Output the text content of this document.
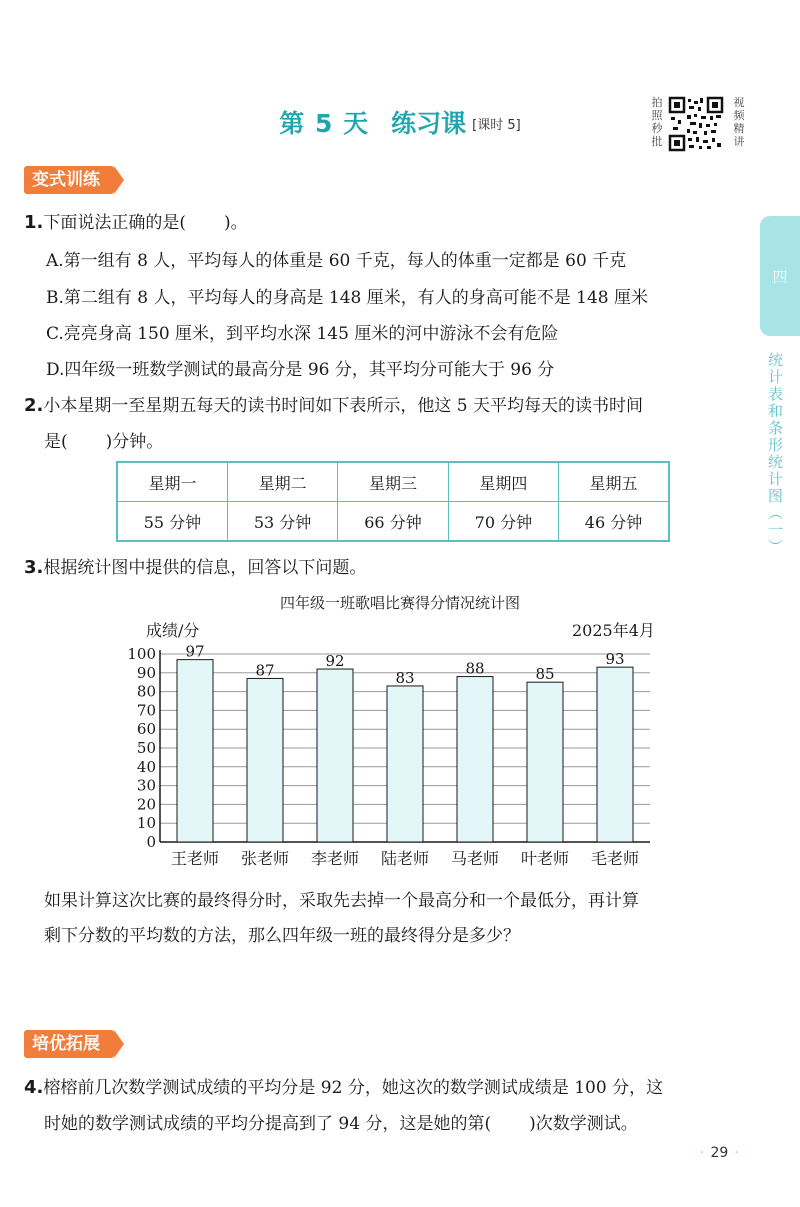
第 5 天 练习课 [课时 5]
拍
照
秒
批
视
频
精
讲
四
统计表和条形统计图（一）
变式训练
1.下面说法正确的是( )。
A.第一组有 8 人，平均每人的体重是 60 千克，每人的体重一定都是 60 千克
B.第二组有 8 人，平均每人的身高是 148 厘米，有人的身高可能不是 148 厘米
C.亮亮身高 150 厘米，到平均水深 145 厘米的河中游泳不会有危险
D.四年级一班数学测试的最高分是 96 分，其平均分可能大于 96 分
2.小本星期一至星期五每天的读书时间如下表所示，他这 5 天平均每天的读书时间
是( )分钟。
星期一	星期二	星期三	星期四	星期五
55 分钟	53 分钟	66 分钟	70 分钟	46 分钟
3.根据统计图中提供的信息，回答以下问题。
四年级一班歌唱比赛得分情况统计图
成绩/分	2025年4月
0
10
20
30
40
50
60
70
80
90
100 97
王老师
87
张老师
92
李老师
83
陆老师
88
马老师
85
叶老师
93
毛老师
如果计算这次比赛的最终得分时，采取先去掉一个最高分和一个最低分，再计算
剩下分数的平均数的方法，那么四年级一班的最终得分是多少？
培优拓展
4.榕榕前几次数学测试成绩的平均分是 92 分，她这次的数学测试成绩是 100 分，这
时她的数学测试成绩的平均分提高到了 94 分，这是她的第( )次数学测试。
· 29 ·
